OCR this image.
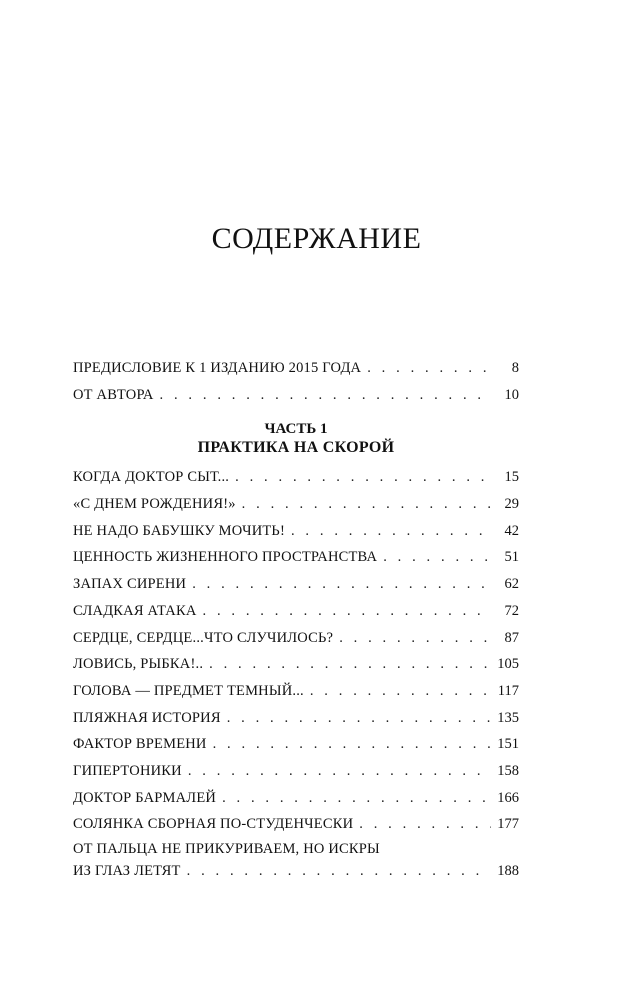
СОДЕРЖАНИЕ
ПРЕДИСЛОВИЕ К 1 ИЗДАНИЮ 2015 ГОДА . . .	8
ОТ АВТОРА . . .	10
ЧАСТЬ 1
ПРАКТИКА НА СКОРОЙ
КОГДА ДОКТОР СЫТ... . . .	15
«С ДНЕМ РОЖДЕНИЯ!» . . .	29
НЕ НАДО БАБУШКУ МОЧИТЬ! . . .	42
ЦЕННОСТЬ ЖИЗНЕННОГО ПРОСТРАНСТВА . . .	51
ЗАПАХ СИРЕНИ . . .	62
СЛАДКАЯ АТАКА . . .	72
СЕРДЦЕ, СЕРДЦЕ...ЧТО СЛУЧИЛОСЬ? . . .	87
ЛОВИСЬ, РЫБКА!.. . . .	105
ГОЛОВА — ПРЕДМЕТ ТЕМНЫЙ... . . .	117
ПЛЯЖНАЯ ИСТОРИЯ . . .	135
ФАКТОР ВРЕМЕНИ . . .	151
ГИПЕРТОНИКИ . . .	158
ДОКТОР БАРМАЛЕЙ . . .	166
СОЛЯНКА СБОРНАЯ ПО-СТУДЕНЧЕСКИ . . .	177
ОТ ПАЛЬЦА НЕ ПРИКУРИВАЕМ, НО ИСКРЫ
ИЗ ГЛАЗ ЛЕТЯТ . . .	188
